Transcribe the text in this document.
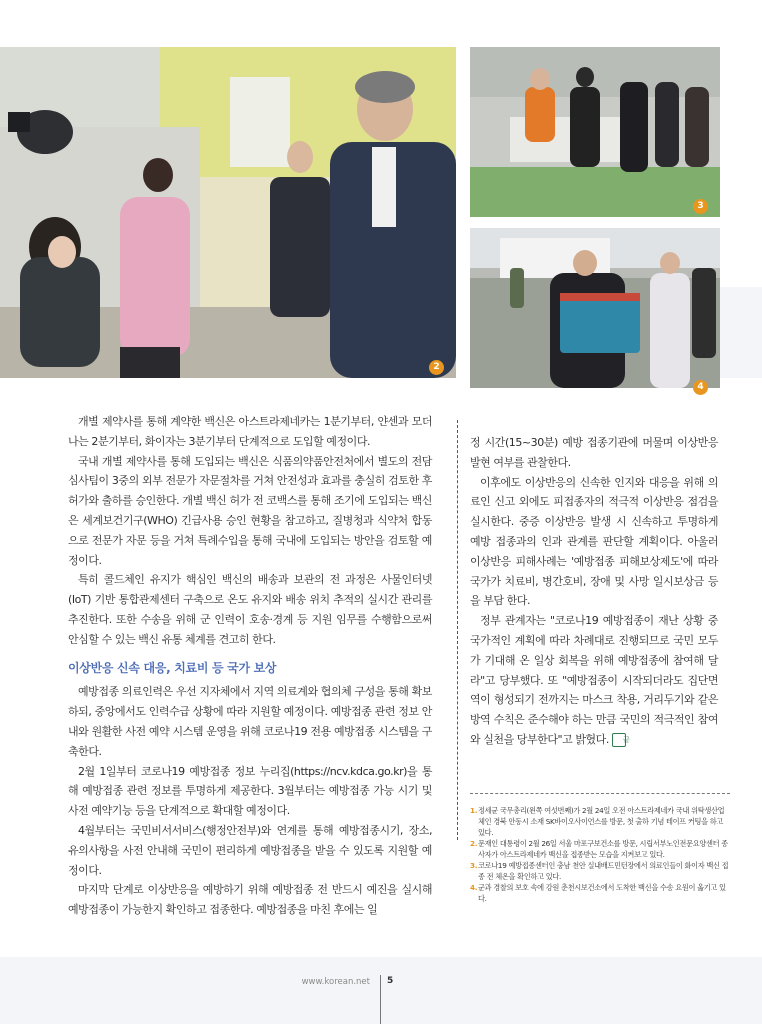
2
3
4

개별 제약사를 통해 계약한 백신은 아스트라제네카는 1분기부터, 얀센과 모더나는 2분기부터, 화이자는 3분기부터 단계적으로 도입할 예정이다.

국내 개별 제약사를 통해 도입되는 백신은 식품의약품안전처에서 별도의 전담심사팀이 3중의 외부 전문가 자문절차를 거쳐 안전성과 효과를 충실히 검토한 후 허가와 출하를 승인한다. 개별 백신 허가 전 코백스를 통해 조기에 도입되는 백신은 세계보건기구(WHO) 긴급사용 승인 현황을 참고하고, 질병청과 식약처 합동으로 전문가 자문 등을 거쳐 특례수입을 통해 국내에 도입되는 방안을 검토할 예정이다.

특히 콜드체인 유지가 핵심인 백신의 배송과 보관의 전 과정은 사물인터넷(IoT) 기반 통합관제센터 구축으로 온도 유지와 배송 위치 추적의 실시간 관리를 추진한다. 또한 수송을 위해 군 인력이 호송·경계 등 지원 임무를 수행함으로써 안심할 수 있는 백신 유통 체계를 견고히 한다.

이상반응 신속 대응, 치료비 등 국가 보상

예방접종 의료인력은 우선 지자체에서 지역 의료계와 협의체 구성을 통해 확보하되, 중앙에서도 인력수급 상황에 따라 지원할 예정이다. 예방접종 관련 정보 안내와 원활한 사전 예약 시스템 운영을 위해 코로나19 전용 예방접종 시스템을 구축한다.

2월 1일부터 코로나19 예방접종 정보 누리집(https://ncv.kdca.go.kr)을 통해 예방접종 관련 정보를 투명하게 제공한다. 3월부터는 예방접종 가능 시기 및 사전 예약기능 등을 단계적으로 확대할 예정이다.

4월부터는 국민비서서비스(행정안전부)와 연계를 통해 예방접종시기, 장소, 유의사항을 사전 안내해 국민이 편리하게 예방접종을 받을 수 있도록 지원할 예정이다.

마지막 단계로 이상반응을 예방하기 위해 예방접종 전 반드시 예진을 실시해 예방접종이 가능한지 확인하고 접종한다. 예방접종을 마친 후에는 일

정 시간(15~30분) 예방 접종기관에 머물며 이상반응 발현 여부를 관찰한다.

이후에도 이상반응의 신속한 인지와 대응을 위해 의료인 신고 외에도 피접종자의 적극적 이상반응 점검을 실시한다. 중증 이상반응 발생 시 신속하고 투명하게 예방 접종과의 인과 관계를 판단할 계획이다. 아울러 이상반응 피해사례는 '예방접종 피해보상제도'에 따라 국가가 치료비, 병간호비, 장애 및 사망 일시보상금 등을 부담 한다.

정부 관계자는 "코로나19 예방접종이 재난 상황 중 국가적인 계획에 따라 차례대로 진행되므로 국민 모두가 기대해 온 일상 회복을 위해 예방접종에 참여해 달라"고 당부했다. 또 "예방접종이 시작되더라도 집단면역이 형성되기 전까지는 마스크 착용, 거리두기와 같은 방역 수칙은 준수해야 하는 만큼 국민의 적극적인 참여와 실천을 당부한다"고 밝혔다. 끝

1. 정세균 국무총리(왼쪽 여섯번째)가 2월 24일 오전 아스트라제네카 국내 위탁생산업체인 경북 안동시 소재 SK바이오사이언스를 방문, 첫 출하 기념 테이프 커팅을 하고 있다.
2. 문재인 대통령이 2월 26일 서울 마포구보건소를 방문, 시립서부노인전문요양센터 종사자가 아스트라제네카 백신을 접종받는 모습을 지켜보고 있다.
3. 코로나19 예방접종센터인 충남 천안 실내배드민턴장에서 의료인들이 화이자 백신 접종 전 체온을 확인하고 있다.
4. 군과 경찰의 보호 속에 강원 춘천시보건소에서 도착한 백신을 수송 요원이 옮기고 있다.
www.korean.net 5
